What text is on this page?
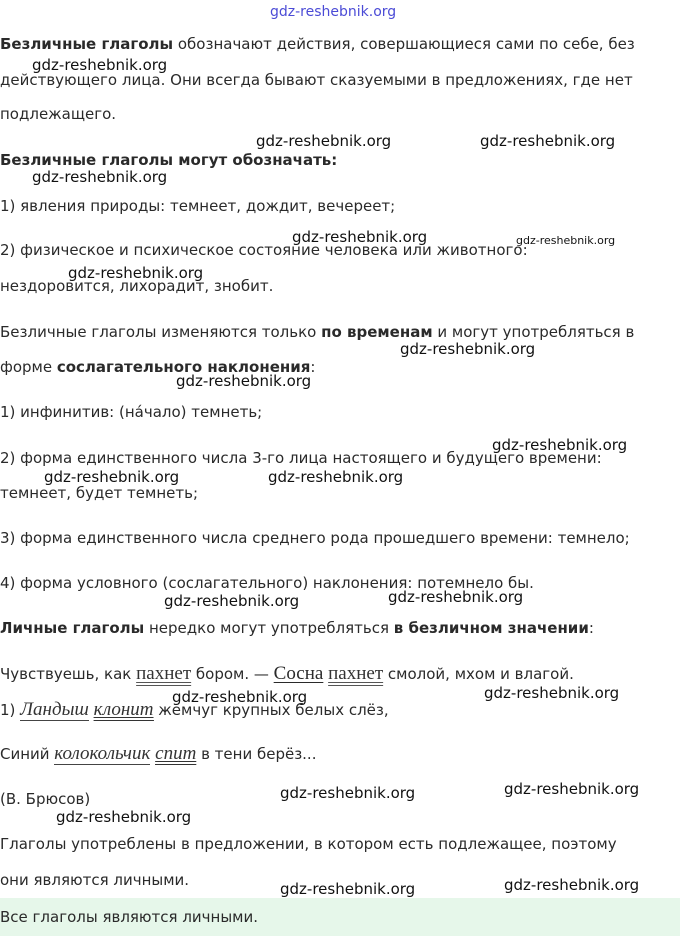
gdz-reshebnik.org
gdz-reshebnik.org
gdz-reshebnik.org	gdz-reshebnik.org
gdz-reshebnik.org
gdz-reshebnik.org	gdz-reshebnik.org
gdz-reshebnik.org
gdz-reshebnik.org
gdz-reshebnik.org
gdz-reshebnik.org
gdz-reshebnik.org	gdz-reshebnik.org
gdz-reshebnik.org
gdz-reshebnik.org
gdz-reshebnik.org	gdz-reshebnik.org
gdz-reshebnik.org
gdz-reshebnik.org
gdz-reshebnik.org
gdz-reshebnik.org
gdz-reshebnik.org
Безличные глаголы обозначают действия, совершающиеся сами по себе, без
действующего лица. Они всегда бывают сказуемыми в предложениях, где нет
подлежащего.
Безличные глаголы могут обозначать:
1) явления природы: темнеет, дождит, вечереет;
2) физическое и психическое состояние человека или животного:
нездоровится, лихорадит, знобит.
Безличные глаголы изменяются только по временам и могут употребляться в
форме сослагательного наклонения:
1) инфинитив: (нáчало) темнеть;
2) форма единственного числа 3-го лица настоящего и будущего времени:
темнеет, будет темнеть;
3) форма единственного числа среднего рода прошедшего времени: темнело;
4) форма условного (сослагательного) наклонения: потемнело бы.
Личные глаголы нередко могут употребляться в безличном значении:
Чувствуешь, как пахнет бором. — Сосна пахнет смолой, мхом и влагой.
1) Ландыш клонит жемчуг крупных белых слёз,
Синий колокольчик спит в тени берёз...
(В. Брюсов)
Глаголы употреблены в предложении, в котором есть подлежащее, поэтому
они являются личными.
Все глаголы являются личными.
